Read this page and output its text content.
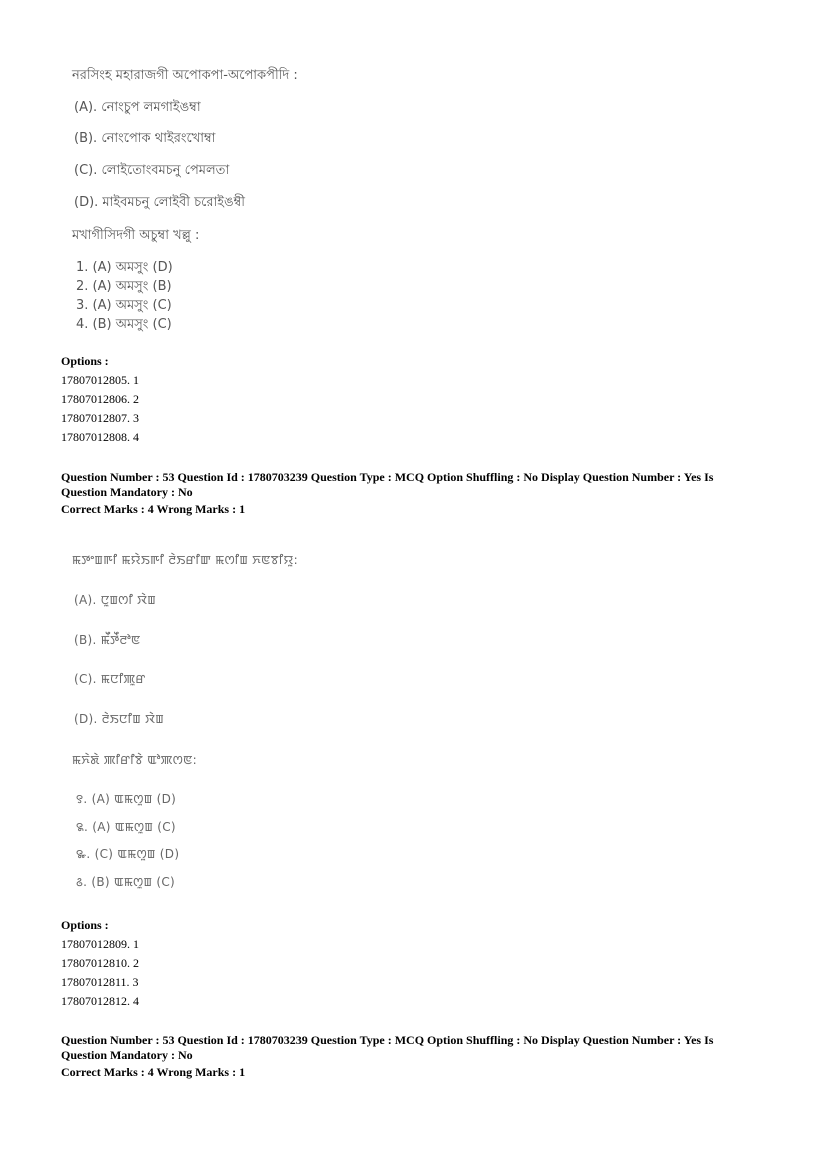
নরসিংহ মহারাজগী অপোকপা-অপোকপীদি :
(A). নোংচুপ লমগাইঙম্বা
(B). নোংপোক থাইরংখোম্বা
(C). লোইতোংবমচনু পেমলতা
(D). মাইবমচনু লোইবী চরোইঙম্বী
মখাগীসিদগী অচুম্বা খল্লু :
1. (A) অমসুং (D)
2. (A) অমসুং (B)
3. (A) অমসুং (C)
4. (B) অমসুং (C)
Options :
17807012805. 1
17807012806. 2
17807012807. 3
17807012808. 4
Question Number : 53 Question Id : 1780703239 Question Type : MCQ Option Shuffling : No Display Question Number : Yes Is
Question Mandatory : No
Correct Marks : 4 Wrong Marks : 1
ꯃꯇꯦꯡꯒꯤ ꯃꯌꯥꯏꯒꯤ ꯂꯥꯏꯔꯤꯛ ꯃꯁꯤꯡ ꯈꯟꯕꯤꯌꯨ:
(A). ꯅꯨꯡꯁꯤ ꯋꯥꯡ
(B). ꯃꯩꯇꯩꯂꯣꯟ
(C). ꯃꯅꯤꯄꯨꯔ
(D). ꯂꯥꯏꯅꯤꯡ ꯋꯥꯡ
ꯃꯈꯥꯗꯥ ꯄꯤꯔꯤꯕꯥ ꯑꯣꯄꯁꯟ:
꯱. (A) ꯑꯃꯁꯨꯡ (D)
꯲. (A) ꯑꯃꯁꯨꯡ (C)
꯳. (C) ꯑꯃꯁꯨꯡ (D)
꯴. (B) ꯑꯃꯁꯨꯡ (C)
Options :
17807012809. 1
17807012810. 2
17807012811. 3
17807012812. 4
Question Number : 53 Question Id : 1780703239 Question Type : MCQ Option Shuffling : No Display Question Number : Yes Is
Question Mandatory : No
Correct Marks : 4 Wrong Marks : 1
